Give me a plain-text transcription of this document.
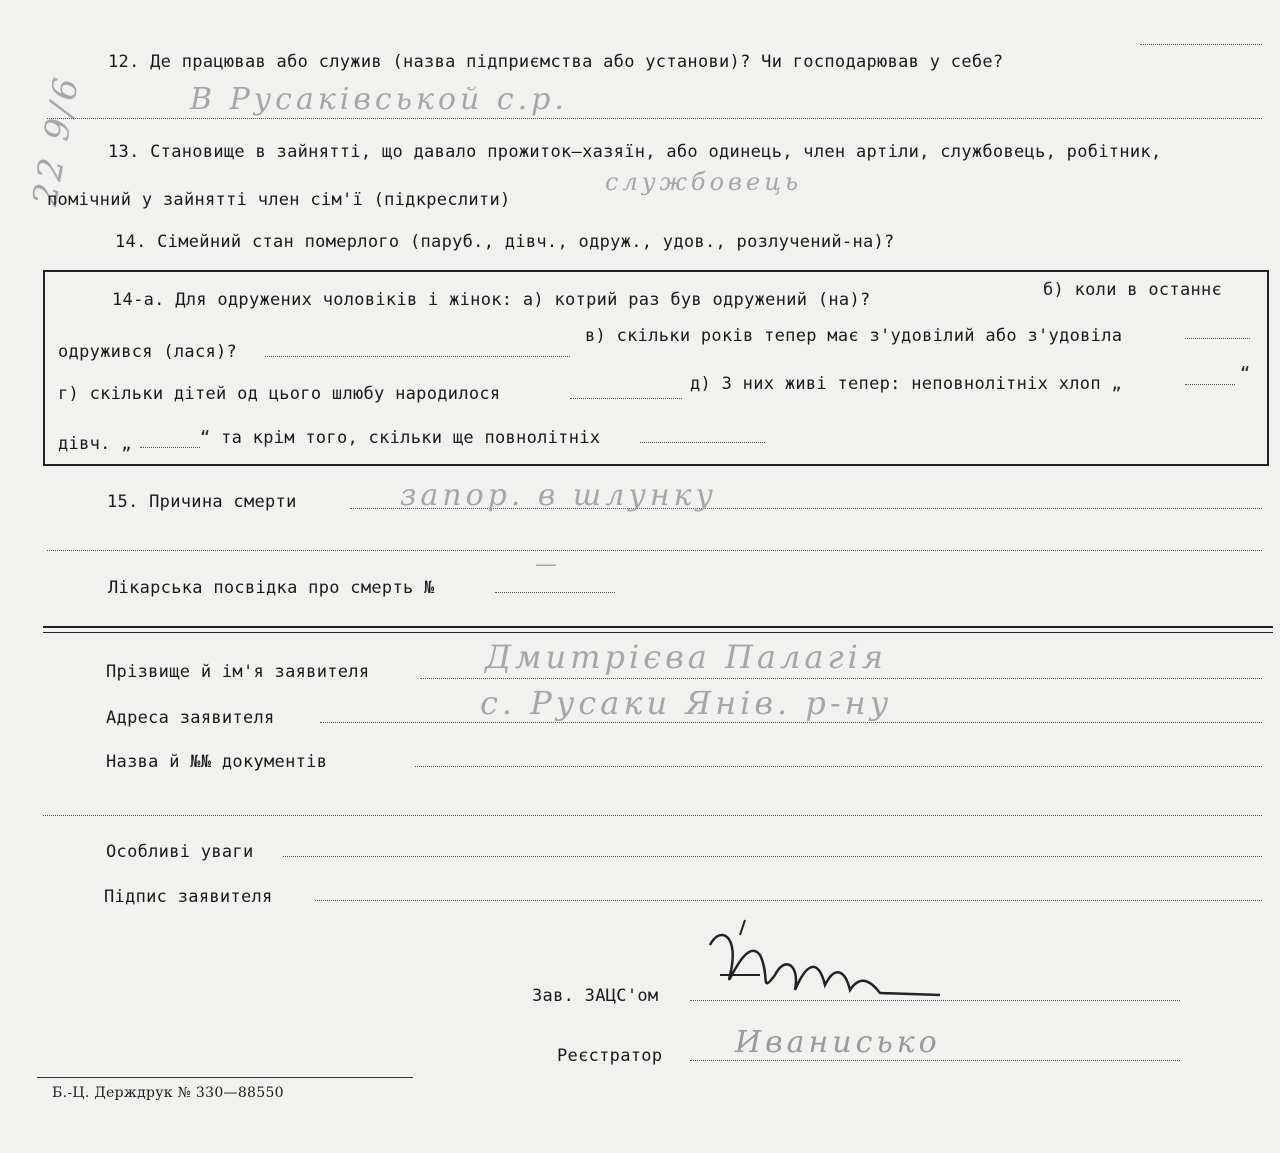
22 9/6
12. Де працював або служив (назва підприємства або установи)? Чи господарював у себе?
В Русаківськой с.р.
13. Становище в зайнятті, що давало прожиток—хазяїн, або одинець, член артіли, службовець, робітник,
помічний у зайнятті член сім'ї (підкреслити)
службовець
14. Сімейний стан померлого (паруб., дівч., одруж., удов., розлучений-на)?
14-а. Для одружених чоловіків і жінок: а) котрий раз був одружений (на)?	б) коли в останнє
одружився (лася)?
в) скільки років тепер має з'удовілий або з'удовіла
г) скільки дітей од цього шлюбу народилося	д) З них живі тепер: неповнолітніх хлоп „	“
дівч. „	“ та крім того, скільки ще повнолітніх
15. Причина смерти	запор. в шлунку
Лікарська посвідка про смерть №
—
Прізвище й ім'я заявителя	Дмитрієва Палагія
Адреса заявителя	с. Русаки Янів. р-ну
Назва й №№ документів
Особливі уваги
Підпис заявителя
Зав. ЗАЦС'ом
Реєстратор Иванисько
Б.-Ц. Держдрук № 330—88550
